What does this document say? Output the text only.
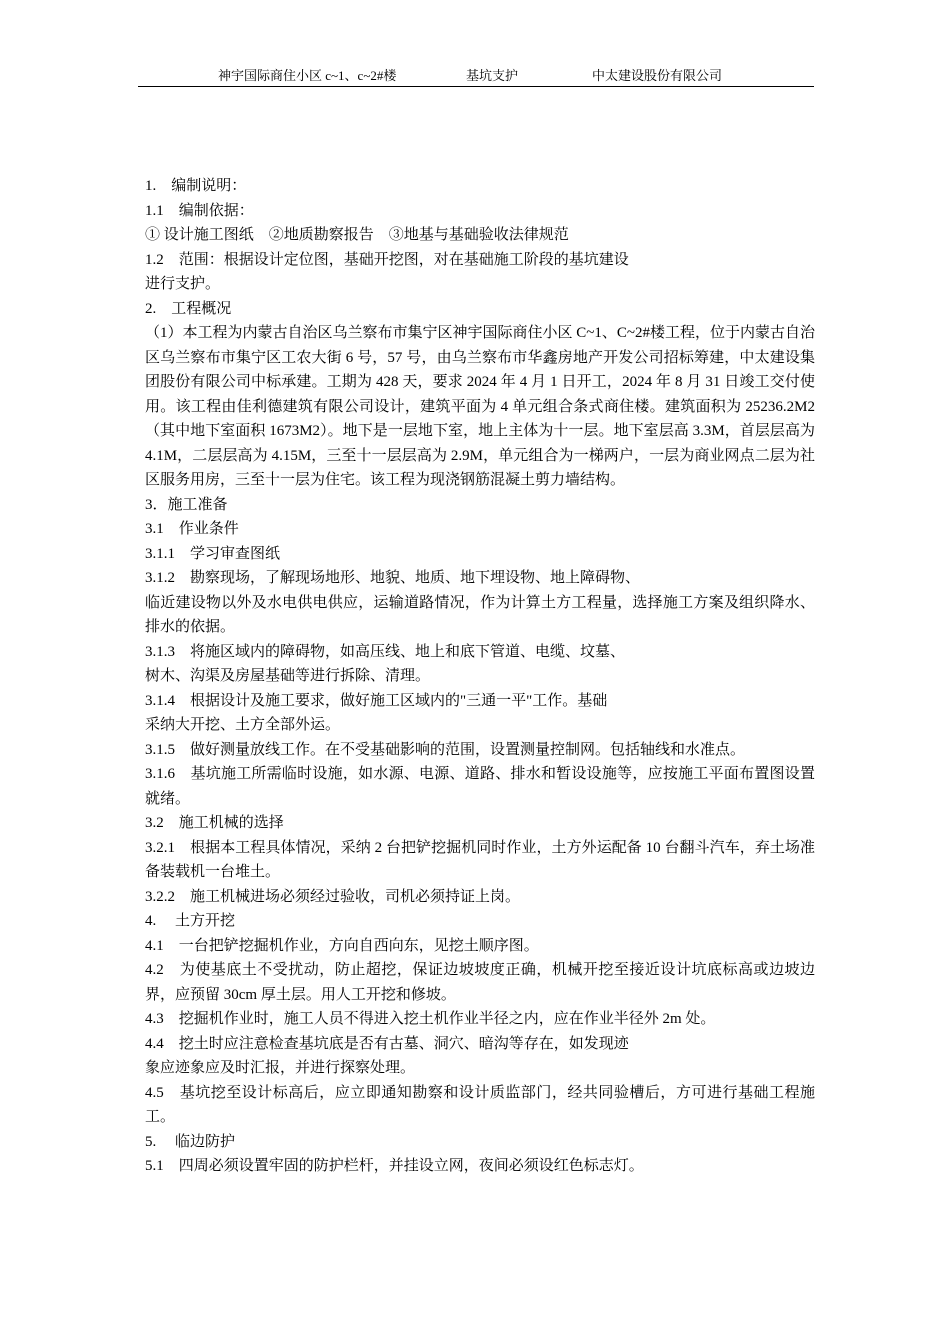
神宇国际商住小区 c~1、c~2#楼	基坑支护	中太建设股份有限公司

1.　编制说明：

1.1　编制依据：

① 设计施工图纸　②地质勘察报告　③地基与基础验收法律规范

1.2　范围：根据设计定位图，基础开挖图，对在基础施工阶段的基坑建设

进行支护。

2.　工程概况

（1）本工程为内蒙古自治区乌兰察布市集宁区神宇国际商住小区 C~1、C~2#楼工程，位于内蒙古自治区乌兰察布市集宁区工农大街 6 号，57 号，由乌兰察布市华鑫房地产开发公司招标筹建，中太建设集团股份有限公司中标承建。工期为 428 天，要求 2024 年 4 月 1 日开工，2024 年 8 月 31 日竣工交付使用。该工程由佳利德建筑有限公司设计，建筑平面为 4 单元组合条式商住楼。建筑面积为 25236.2M2（其中地下室面积 1673M2）。地下是一层地下室，地上主体为十一层。地下室层高 3.3M，首层层高为 4.1M，二层层高为 4.15M，三至十一层层高为 2.9M，单元组合为一梯两户，一层为商业网点二层为社区服务用房，三至十一层为住宅。该工程为现浇钢筋混凝土剪力墙结构。

3．施工准备

3.1　作业条件

3.1.1　学习审查图纸

3.1.2　勘察现场，了解现场地形、地貌、地质、地下埋设物、地上障碍物、

临近建设物以外及水电供电供应，运输道路情况，作为计算土方工程量，选择施工方案及组织降水、排水的依据。

3.1.3　将施区域内的障碍物，如高压线、地上和底下管道、电缆、坟墓、

树木、沟渠及房屋基础等进行拆除、清理。

3.1.4　根据设计及施工要求，做好施工区域内的"三通一平"工作。基础

采纳大开挖、土方全部外运。

3.1.5　做好测量放线工作。在不受基础影响的范围，设置测量控制网。包括轴线和水准点。

3.1.6　基坑施工所需临时设施，如水源、电源、道路、排水和暂设设施等，应按施工平面布置图设置就绪。

3.2　施工机械的选择

3.2.1　根据本工程具体情况，采纳 2 台把铲挖掘机同时作业，土方外运配备 10 台翻斗汽车，弃土场准备装载机一台堆土。

3.2.2　施工机械进场必须经过验收，司机必须持证上岗。

4.　 土方开挖

4.1　一台把铲挖掘机作业，方向自西向东，见挖土顺序图。

4.2　为使基底土不受扰动，防止超挖，保证边坡坡度正确，机械开挖至接近设计坑底标高或边坡边界，应预留 30cm 厚土层。用人工开挖和修坡。

4.3　挖掘机作业时，施工人员不得进入挖土机作业半径之内，应在作业半径外 2m 处。

4.4　挖土时应注意检查基坑底是否有古墓、洞穴、暗沟等存在，如发现迹

象应迹象应及时汇报，并进行探察处理。

4.5　基坑挖至设计标高后，应立即通知勘察和设计质监部门，经共同验槽后，方可进行基础工程施工。

5.　 临边防护

5.1　四周必须设置牢固的防护栏杆，并挂设立网，夜间必须设红色标志灯。
